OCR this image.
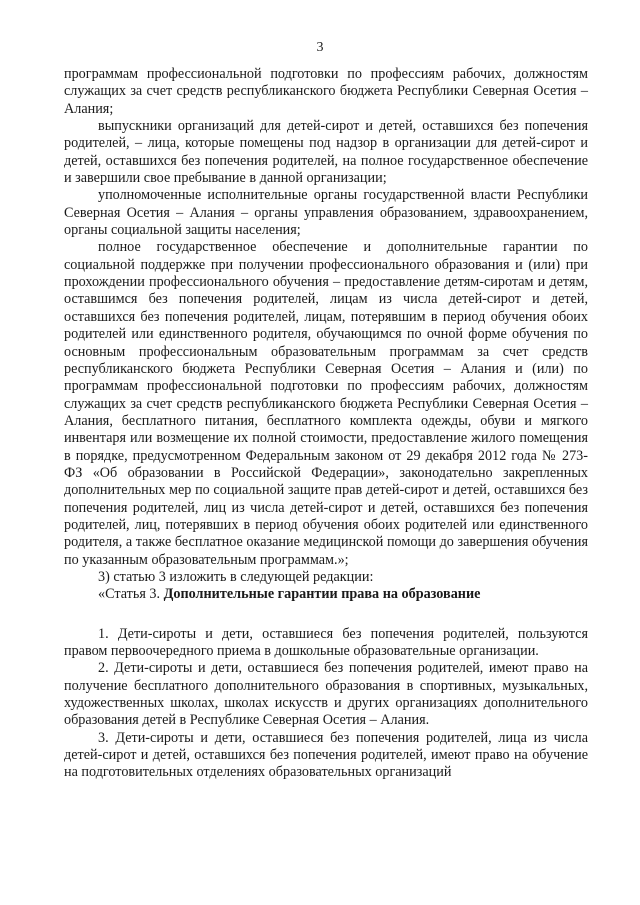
3

программам профессиональной подготовки по профессиям рабочих, должностям служащих за счет средств республиканского бюджета Республики Северная Осетия – Алания;

выпускники организаций для детей-сирот и детей, оставшихся без попечения родителей, – лица, которые помещены под надзор в организации для детей-сирот и детей, оставшихся без попечения родителей, на полное государственное обеспечение и завершили свое пребывание в данной организации;

уполномоченные исполнительные органы государственной власти Республики Северная Осетия – Алания – органы управления образованием, здравоохранением, органы социальной защиты населения;

полное государственное обеспечение и дополнительные гарантии по социальной поддержке при получении профессионального образования и (или) при прохождении профессионального обучения – предоставление детям-сиротам и детям, оставшимся без попечения родителей, лицам из числа детей-сирот и детей, оставшихся без попечения родителей, лицам, потерявшим в период обучения обоих родителей или единственного родителя, обучающимся по очной форме обучения по основным профессиональным образовательным программам за счет средств республиканского бюджета Республики Северная Осетия – Алания и (или) по программам профессиональной подготовки по профессиям рабочих, должностям служащих за счет средств республиканского бюджета Республики Северная Осетия – Алания, бесплатного питания, бесплатного комплекта одежды, обуви и мягкого инвентаря или возмещение их полной стоимости, предоставление жилого помещения в порядке, предусмотренном Федеральным законом от 29 декабря 2012 года № 273-ФЗ «Об образовании в Российской Федерации», законодательно закрепленных дополнительных мер по социальной защите прав детей-сирот и детей, оставшихся без попечения родителей, лиц из числа детей-сирот и детей, оставшихся без попечения родителей, лиц, потерявших в период обучения обоих родителей или единственного родителя, а также бесплатное оказание медицинской помощи до завершения обучения по указанным образовательным программам.»;

3) статью 3 изложить в следующей редакции:

«Статья 3. Дополнительные гарантии права на образование

1. Дети-сироты и дети, оставшиеся без попечения родителей, пользуются правом первоочередного приема в дошкольные образовательные организации.

2. Дети-сироты и дети, оставшиеся без попечения родителей, имеют право на получение бесплатного дополнительного образования в спортивных, музыкальных, художественных школах, школах искусств и других организациях дополнительного образования детей в Республике Северная Осетия – Алания.

3. Дети-сироты и дети, оставшиеся без попечения родителей, лица из числа детей-сирот и детей, оставшихся без попечения родителей, имеют право на обучение на подготовительных отделениях образовательных организаций
